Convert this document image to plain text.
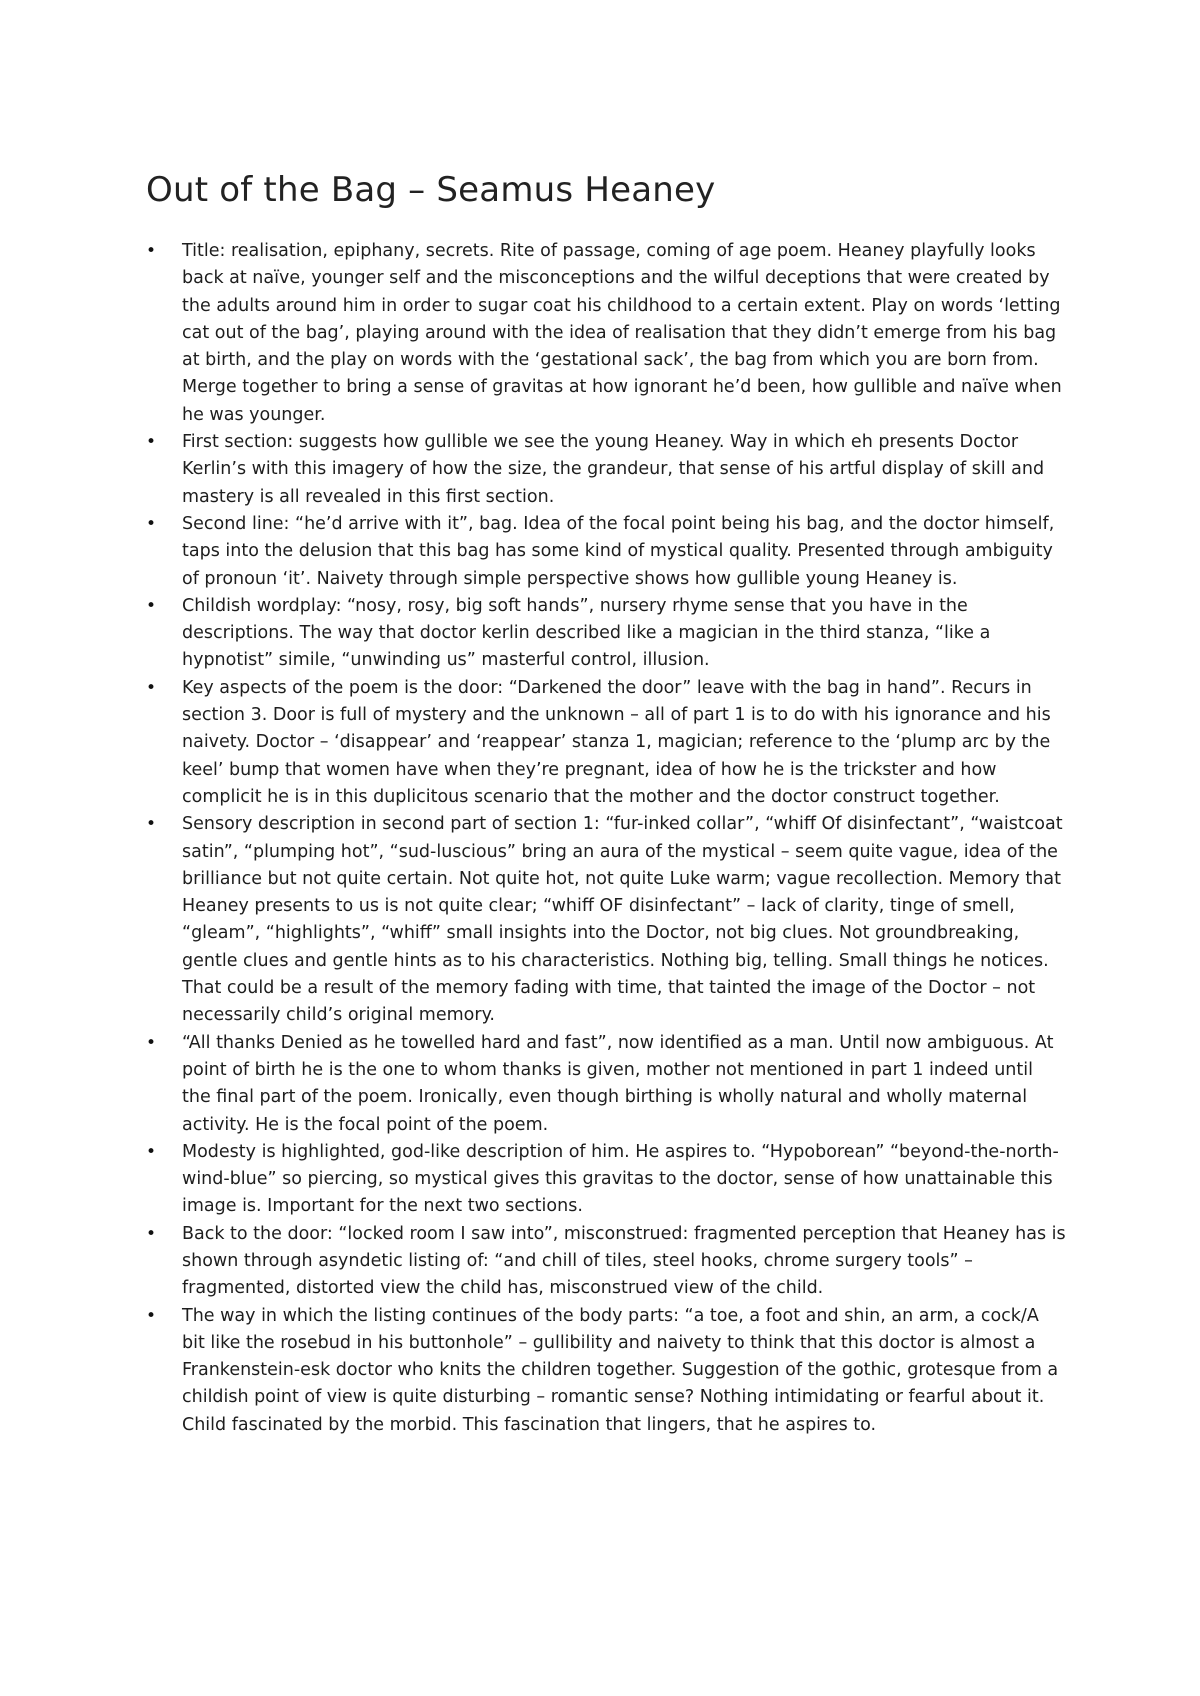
Out of the Bag – Seamus Heaney
•	Title: realisation, epiphany, secrets. Rite of passage, coming of age poem. Heaney playfully looks back at naïve, younger self and the misconceptions and the wilful deceptions that were created by the adults around him in order to sugar coat his childhood to a certain extent. Play on words ‘letting cat out of the bag’, playing around with the idea of realisation that they didn’t emerge from his bag at birth, and the play on words with the ‘gestational sack’, the bag from which you are born from. Merge together to bring a sense of gravitas at how ignorant he’d been, how gullible and naïve when he was younger.
•	First section: suggests how gullible we see the young Heaney. Way in which eh presents Doctor Kerlin’s with this imagery of how the size, the grandeur, that sense of his artful display of skill and mastery is all revealed in this first section.
•	Second line: “he’d arrive with it”, bag. Idea of the focal point being his bag, and the doctor himself, taps into the delusion that this bag has some kind of mystical quality. Presented through ambiguity of pronoun ‘it’. Naivety through simple perspective shows how gullible young Heaney is.
•	Childish wordplay: “nosy, rosy, big soft hands”, nursery rhyme sense that you have in the descriptions. The way that doctor kerlin described like a magician in the third stanza, “like a hypnotist” simile, “unwinding us” masterful control, illusion.
•	Key aspects of the poem is the door: “Darkened the door” leave with the bag in hand”. Recurs in section 3. Door is full of mystery and the unknown – all of part 1 is to do with his ignorance and his naivety. Doctor – ‘disappear’ and ‘reappear’ stanza 1, magician; reference to the ‘plump arc by the keel’ bump that women have when they’re pregnant, idea of how he is the trickster and how complicit he is in this duplicitous scenario that the mother and the doctor construct together.
•	Sensory description in second part of section 1: “fur-inked collar”, “whiff Of disinfectant”, “waistcoat satin”, “plumping hot”, “sud-luscious” bring an aura of the mystical – seem quite vague, idea of the brilliance but not quite certain. Not quite hot, not quite Luke warm; vague recollection. Memory that Heaney presents to us is not quite clear; “whiff OF disinfectant” – lack of clarity, tinge of smell, “gleam”, “highlights”, “whiff” small insights into the Doctor, not big clues. Not groundbreaking, gentle clues and gentle hints as to his characteristics. Nothing big, telling. Small things he notices. That could be a result of the memory fading with time, that tainted the image of the Doctor – not necessarily child’s original memory.
•	“All thanks Denied as he towelled hard and fast”, now identified as a man. Until now ambiguous. At point of birth he is the one to whom thanks is given, mother not mentioned in part 1 indeed until the final part of the poem. Ironically, even though birthing is wholly natural and wholly maternal activity. He is the focal point of the poem.
•	Modesty is highlighted, god-like description of him. He aspires to. “Hypoborean” “beyond-the-north-wind-blue” so piercing, so mystical gives this gravitas to the doctor, sense of how unattainable this image is. Important for the next two sections.
•	Back to the door: “locked room I saw into”, misconstrued: fragmented perception that Heaney has is shown through asyndetic listing of: “and chill of tiles, steel hooks, chrome surgery tools” – fragmented, distorted view the child has, misconstrued view of the child.
•	The way in which the listing continues of the body parts: “a toe, a foot and shin, an arm, a cock/A bit like the rosebud in his buttonhole” – gullibility and naivety to think that this doctor is almost a Frankenstein-esk doctor who knits the children together. Suggestion of the gothic, grotesque from a childish point of view is quite disturbing – romantic sense? Nothing intimidating or fearful about it. Child fascinated by the morbid. This fascination that lingers, that he aspires to.
